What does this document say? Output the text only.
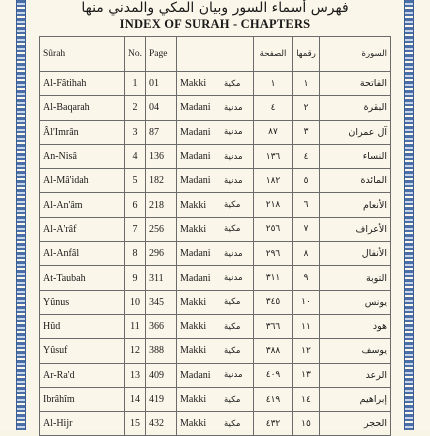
فهرس أسماء السور وبيان المكي والمدني منها
INDEX OF SURAH - CHAPTERS
Sûrah	No.	Page			الصفحة	رقمها	السورة
Al-Fâtihah	1	01	Makki	مكية	١	١	الفاتحة
Al-Baqarah	2	04	Madani	مدنية	٤	٢	البقرة
Âl'Imrân	3	87	Madani	مدنية	٨٧	٣	آل عمران
An-Nisâ	4	136	Madani	مدنية	١٣٦	٤	النساء
Al-Mâ'idah	5	182	Madani	مدنية	١٨٢	٥	المائدة
Al-An'âm	6	218	Makki	مكية	٢١٨	٦	الأنعام
Al-A'râf	7	256	Makki	مكية	٢٥٦	٧	الأعراف
Al-Anfâl	8	296	Madani	مدنية	٢٩٦	٨	الأنفال
At-Taubah	9	311	Madani	مدنية	٣١١	٩	التوبة
Yûnus	10	345	Makki	مكية	٣٤٥	١٠	يونس
Hûd	11	366	Makki	مكية	٣٦٦	١١	هود
Yûsuf	12	388	Makki	مكية	٣٨٨	١٢	يوسف
Ar-Ra'd	13	409	Madani	مدنية	٤٠٩	١٣	الرعد
Ibrâhîm	14	419	Makki	مكية	٤١٩	١٤	إبراهيم
Al-Hijr	15	432	Makki	مكية	٤٣٢	١٥	الحجر
